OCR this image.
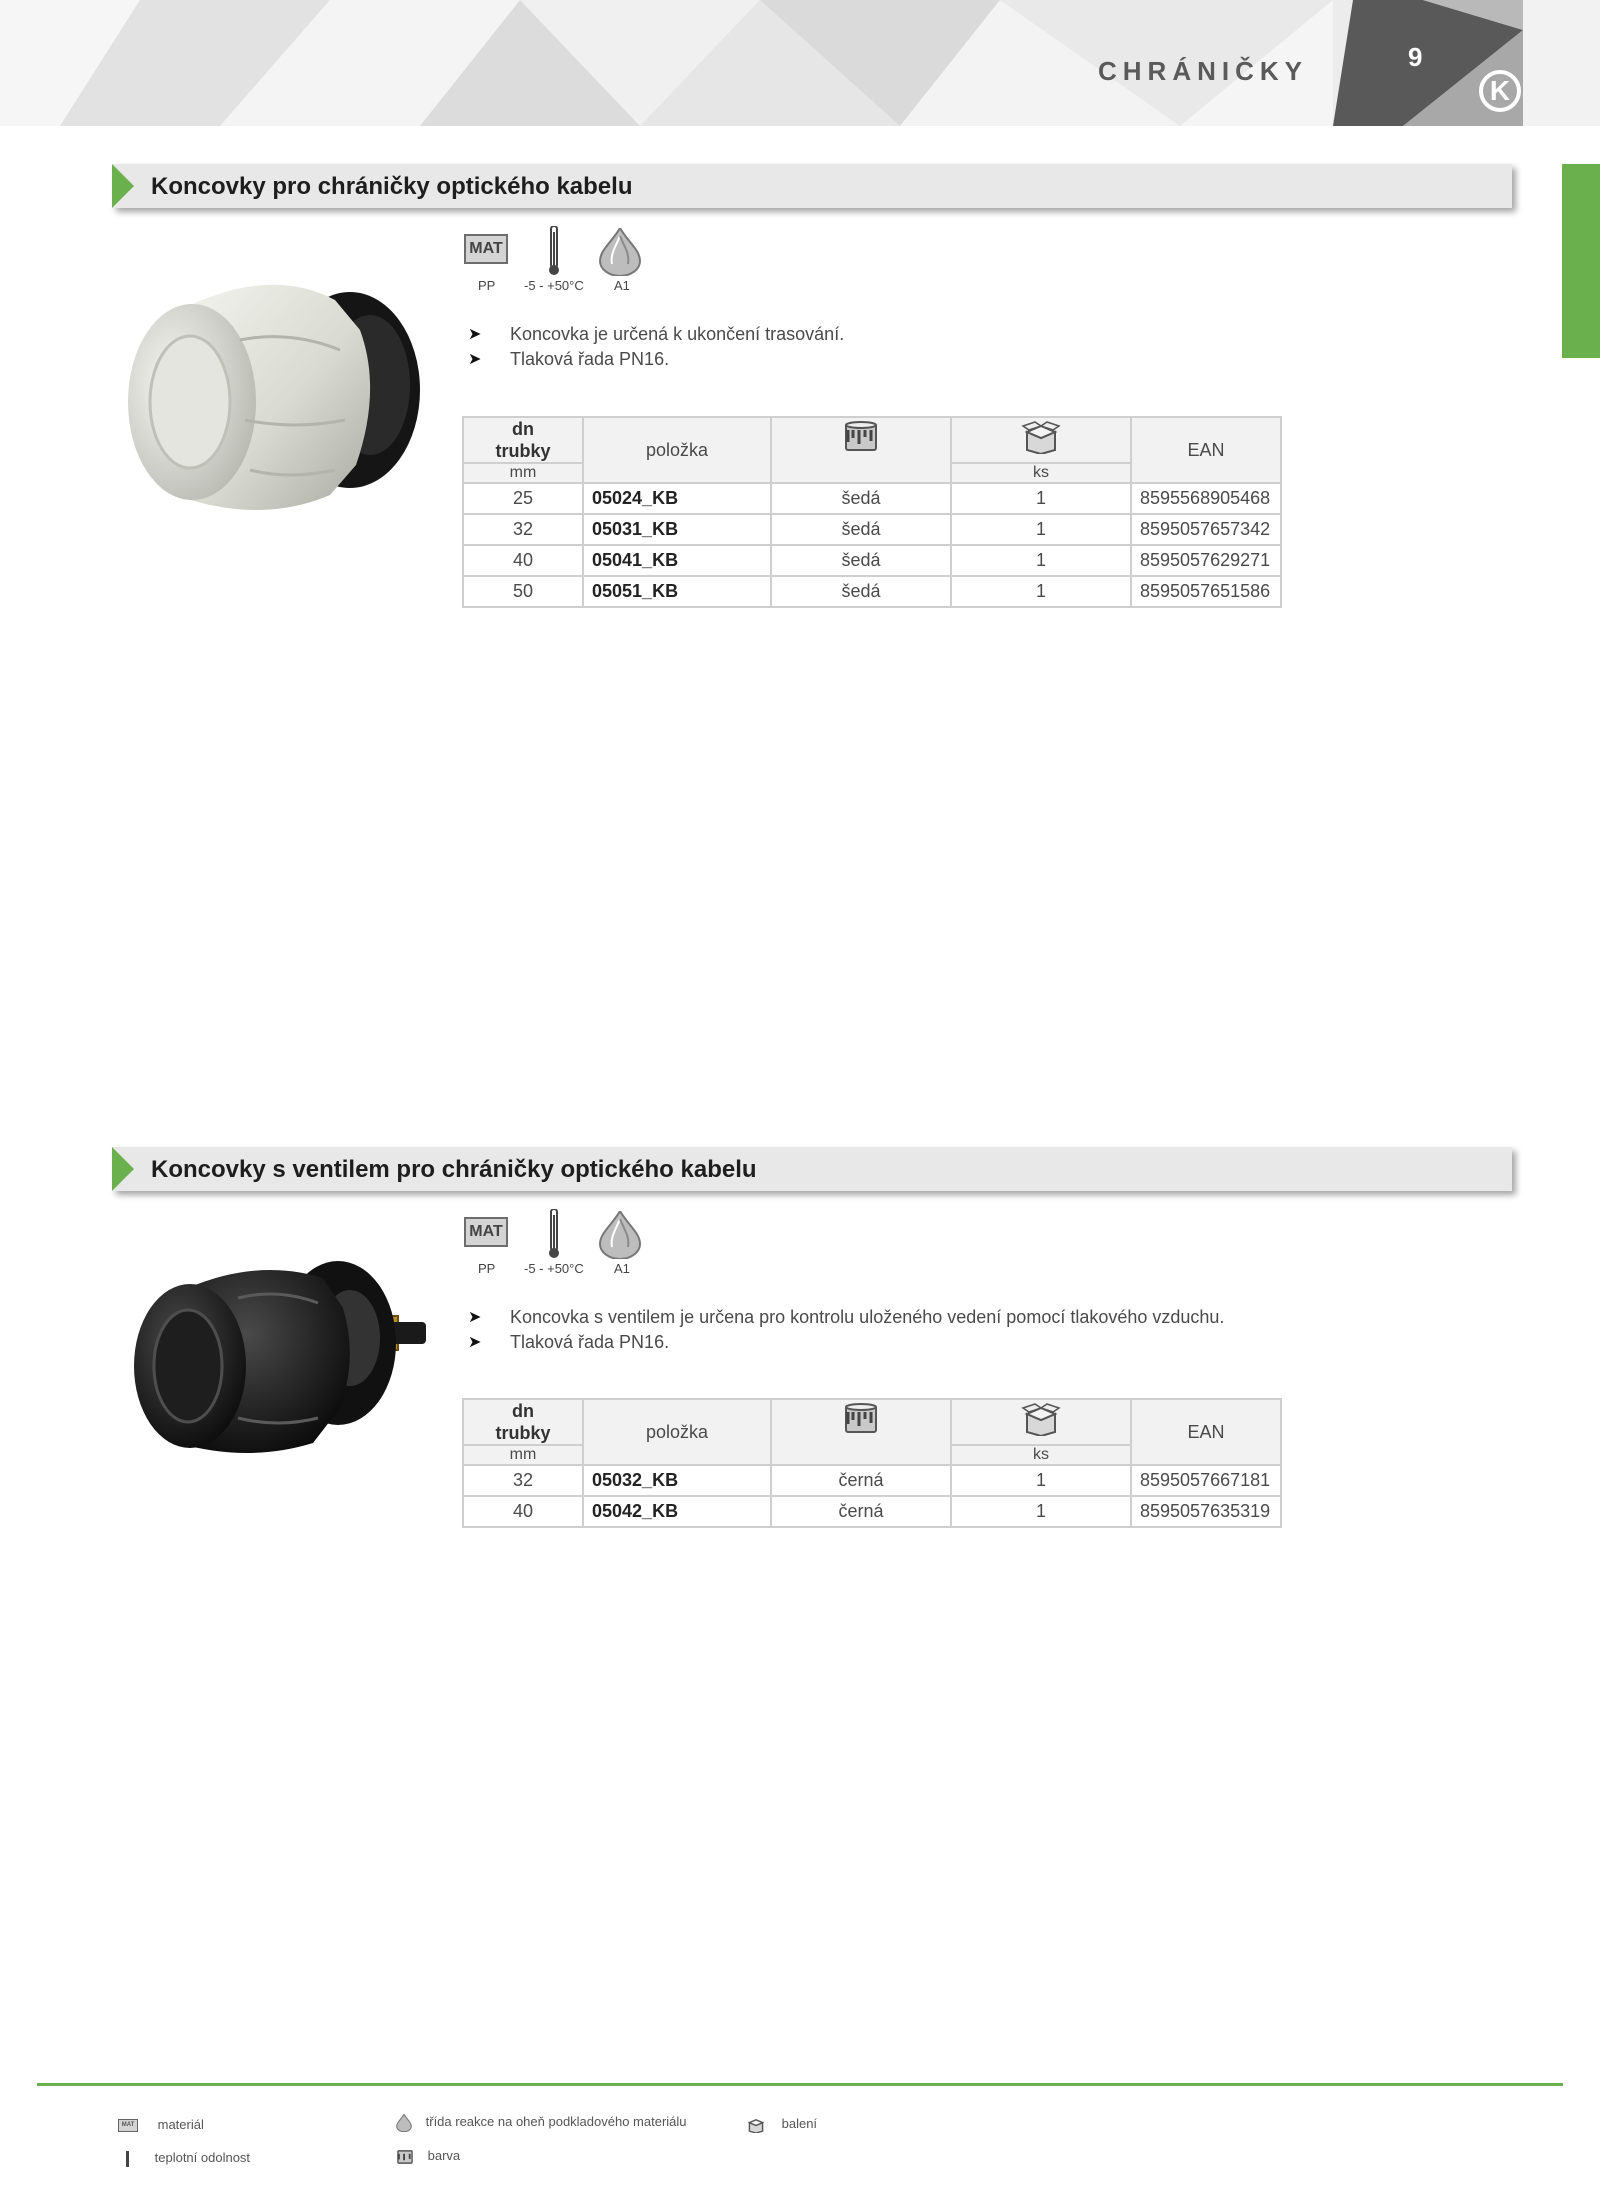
CHRÁNIČKY	9
K
Koncovky pro chráničky optického kabelu
MAT
PP -5 - +50°C A1
➤ Koncovka je určená k ukončení trasování.
➤ Tlaková řada PN16.
dn
trubky	položka			EAN
mm			ks	
25	05024_KB	šedá	1	8595568905468
32	05031_KB	šedá	1	8595057657342
40	05041_KB	šedá	1	8595057629271
50	05051_KB	šedá	1	8595057651586
Koncovky s ventilem pro chráničky optického kabelu
MAT
PP -5 - +50°C A1
➤ Koncovka s ventilem je určena pro kontrolu uloženého vedení pomocí tlakového vzduchu.
➤ Tlaková řada PN16.
dn
trubky	položka			EAN
mm			ks	
32	05032_KB	černá	1	8595057667181
40	05042_KB	černá	1	8595057635319
MAT materiál
teplotní odolnost
třída reakce na oheň podkladového materiálu
barva
balení
